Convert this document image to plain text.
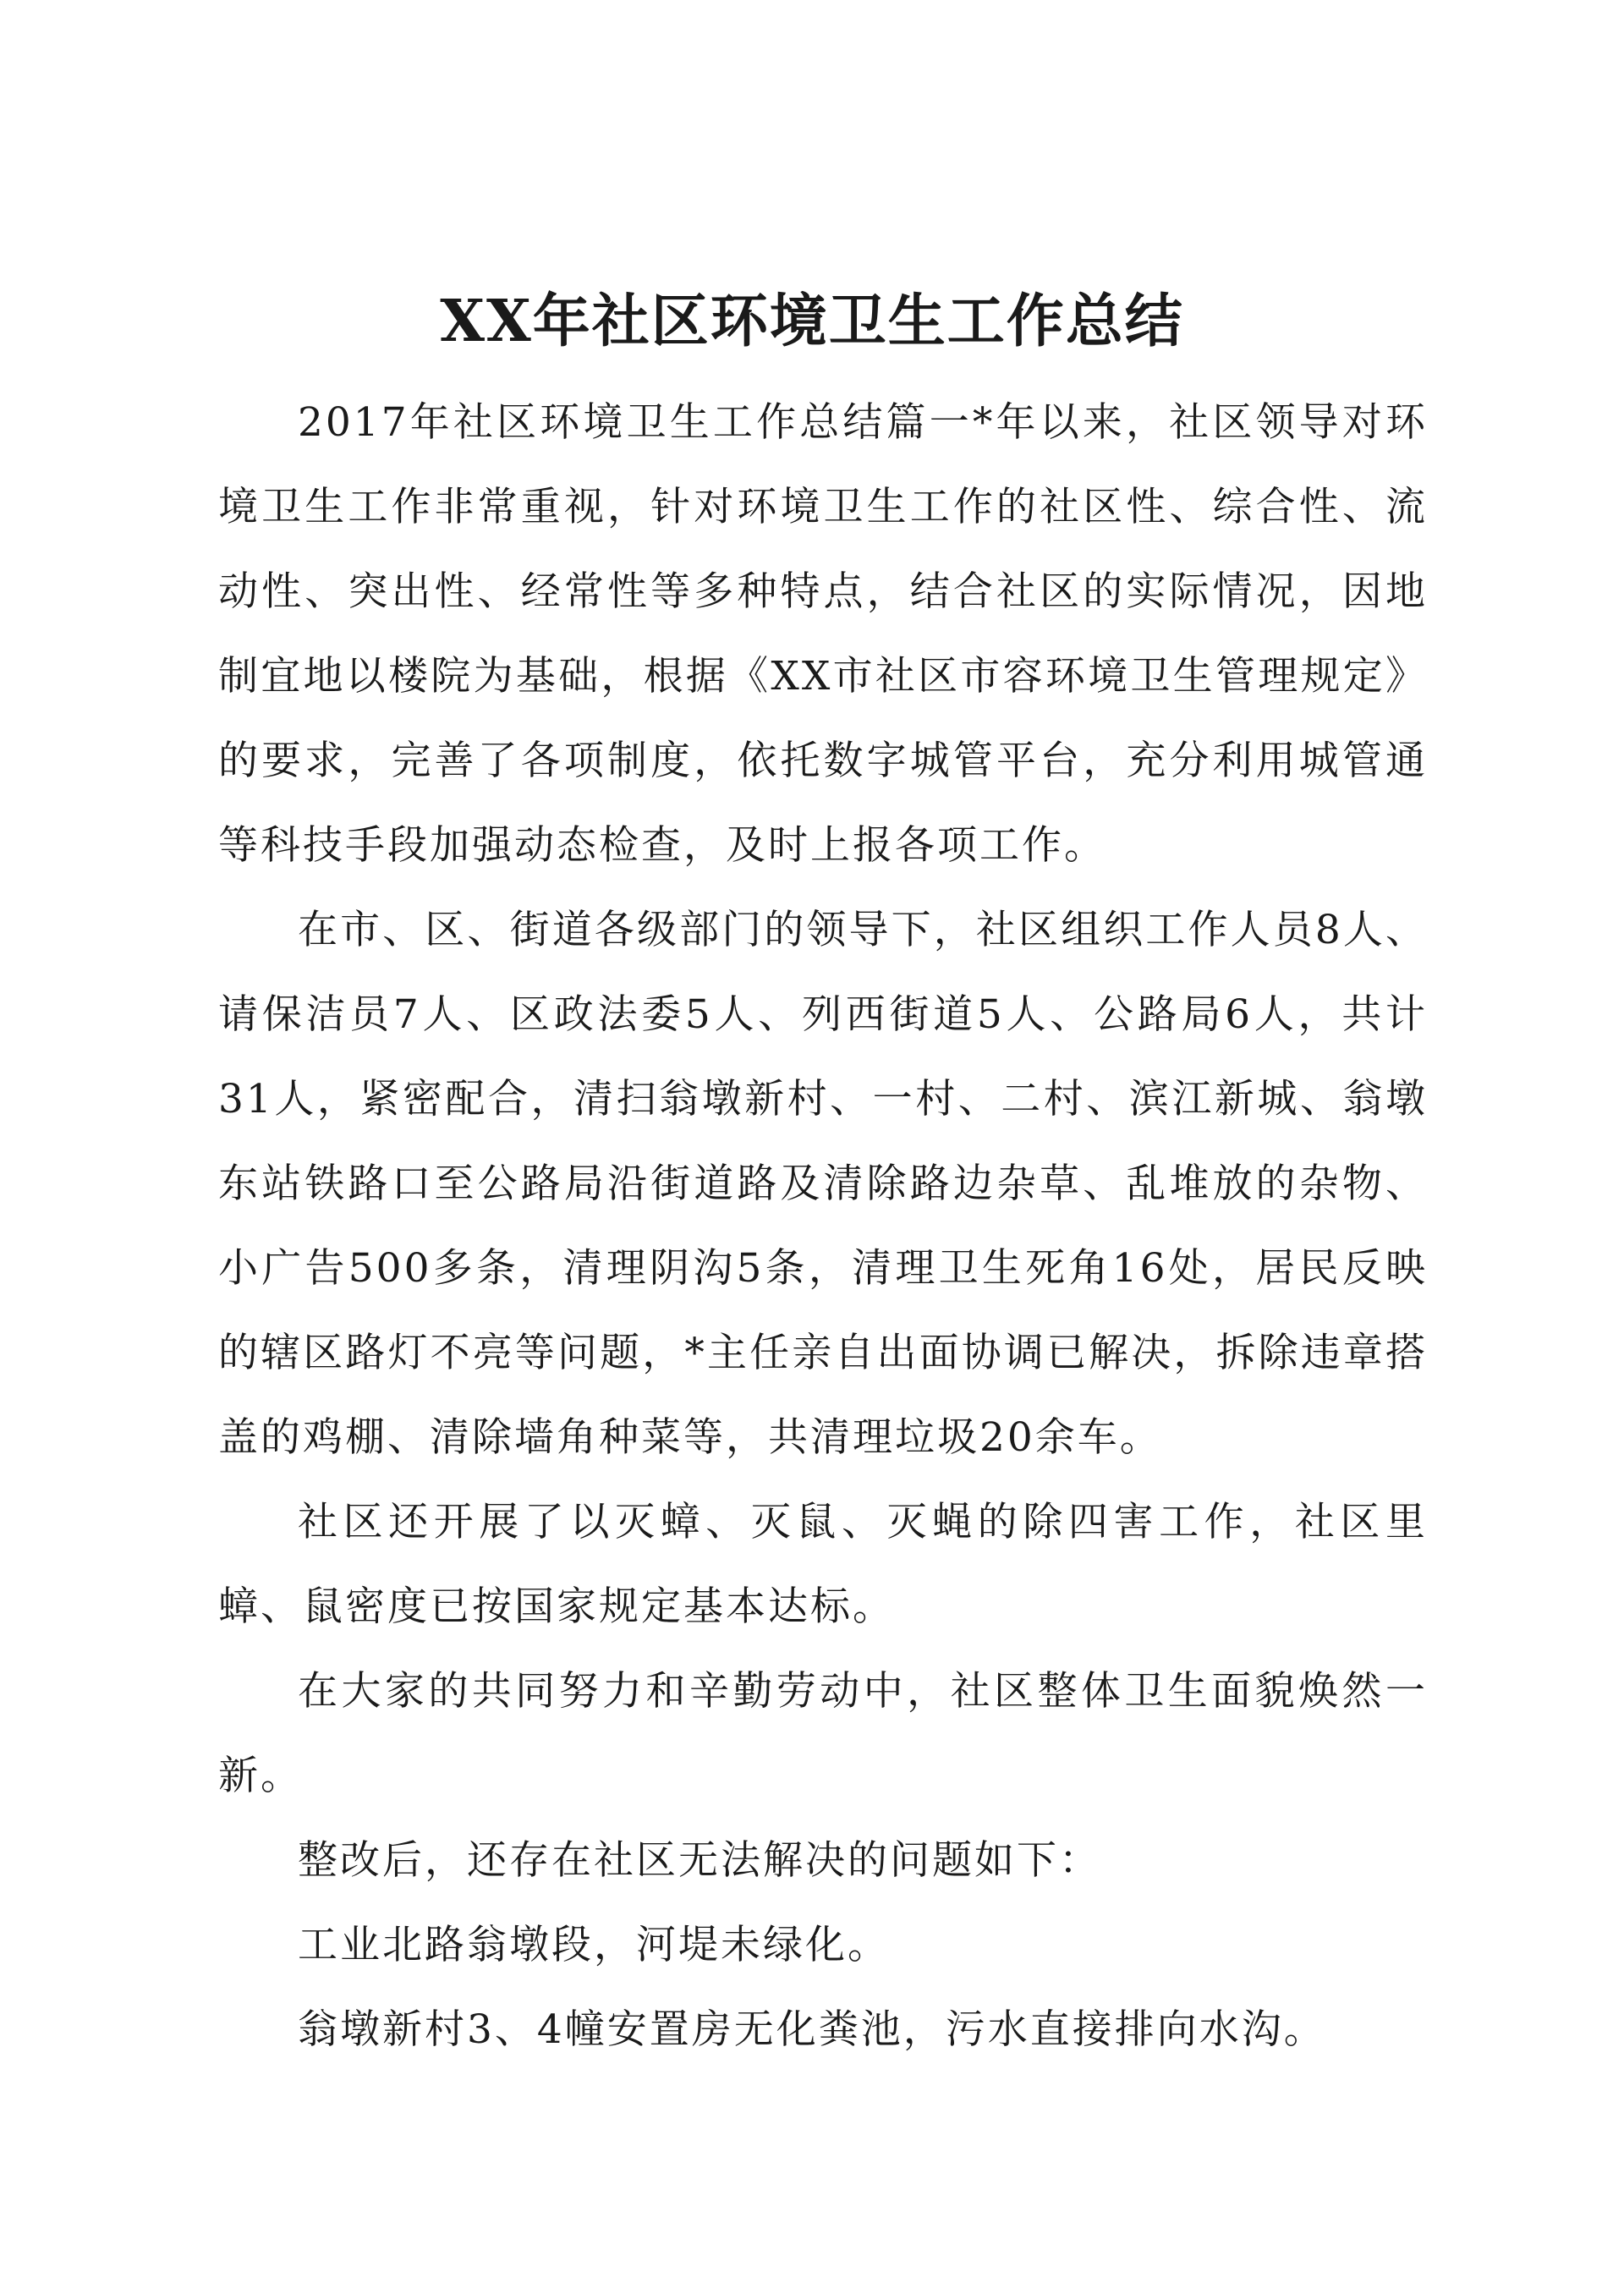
XX年社区环境卫生工作总结

2017年社区环境卫生工作总结篇一*年以来，社区领导对环境卫生工作非常重视，针对环境卫生工作的社区性、综合性、流动性、突出性、经常性等多种特点，结合社区的实际情况，因地制宜地以楼院为基础，根据《XX市社区市容环境卫生管理规定》的要求，完善了各项制度，依托数字城管平台，充分利用城管通等科技手段加强动态检查，及时上报各项工作。

在市、区、街道各级部门的领导下，社区组织工作人员8人、请保洁员7人、区政法委5人、列西街道5人、公路局6人，共计31人，紧密配合，清扫翁墩新村、一村、二村、滨江新城、翁墩东站铁路口至公路局沿街道路及清除路边杂草、乱堆放的杂物、小广告500多条，清理阴沟5条，清理卫生死角16处，居民反映的辖区路灯不亮等问题，*主任亲自出面协调已解决，拆除违章搭盖的鸡棚、清除墙角种菜等，共清理垃圾20余车。

社区还开展了以灭蟑、灭鼠、灭蝇的除四害工作，社区里蟑、鼠密度已按国家规定基本达标。

在大家的共同努力和辛勤劳动中，社区整体卫生面貌焕然一新。

整改后，还存在社区无法解决的问题如下：

工业北路翁墩段，河堤未绿化。

翁墩新村3、4幢安置房无化粪池，污水直接排向水沟。
